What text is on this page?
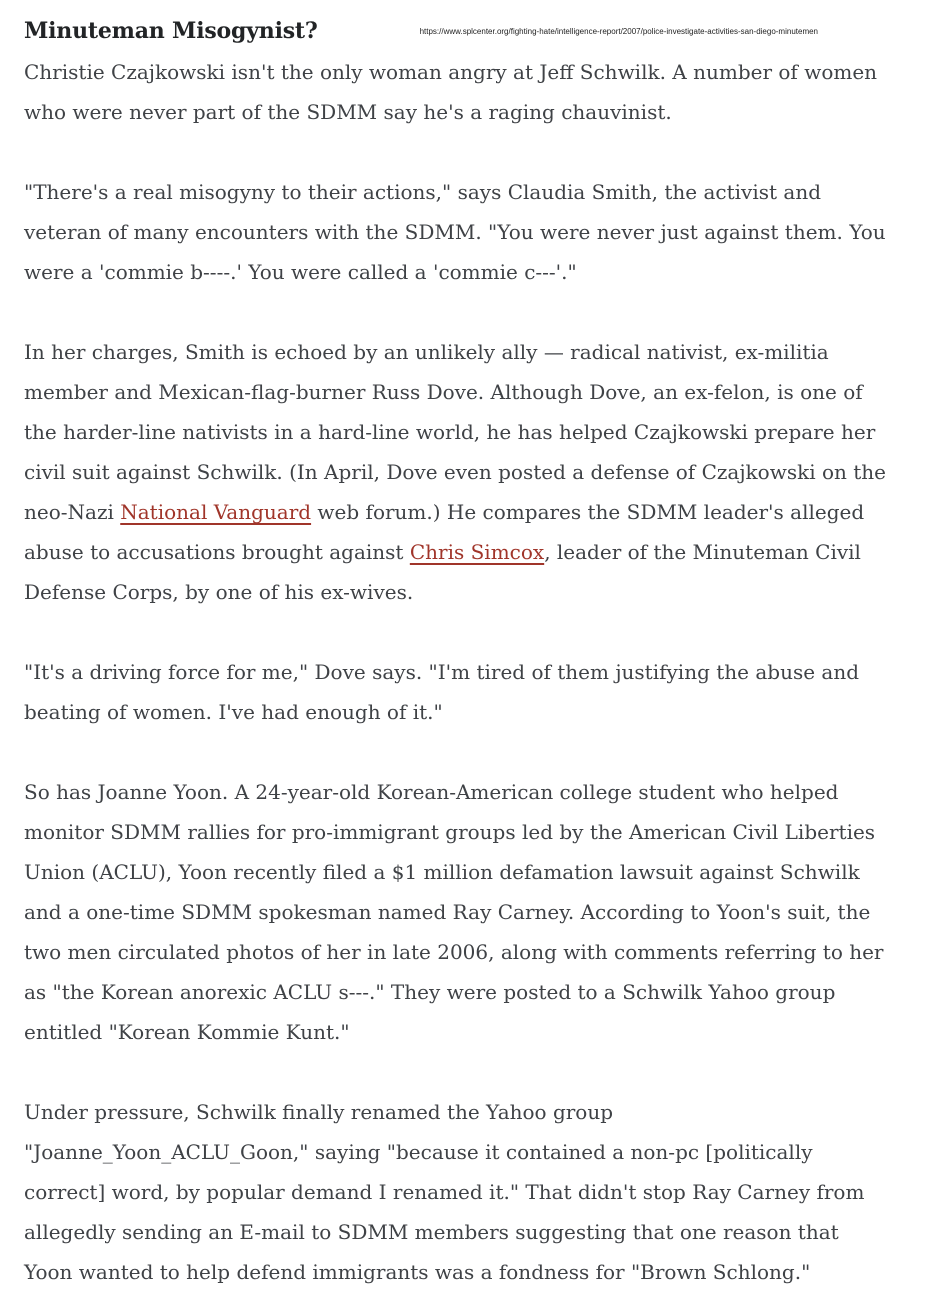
Minuteman Misogynist?	https://www.splcenter.org/fighting-hate/intelligence-report/2007/police-investigate-activities-san-diego-minutemen

Christie Czajkowski isn't the only woman angry at Jeff Schwilk. A number of women who were never part of the SDMM say he's a raging chauvinist.

"There's a real misogyny to their actions," says Claudia Smith, the activist and veteran of many encounters with the SDMM. "You were never just against them. You were a 'commie b----.' You were called a 'commie c---'."

In her charges, Smith is echoed by an unlikely ally — radical nativist, ex-militia member and Mexican-flag-burner Russ Dove. Although Dove, an ex-felon, is one of the harder-line nativists in a hard-line world, he has helped Czajkowski prepare her civil suit against Schwilk. (In April, Dove even posted a defense of Czajkowski on the neo-Nazi National Vanguard web forum.) He compares the SDMM leader's alleged abuse to accusations brought against Chris Simcox, leader of the Minuteman Civil Defense Corps, by one of his ex-wives.

"It's a driving force for me," Dove says. "I'm tired of them justifying the abuse and beating of women. I've had enough of it."

So has Joanne Yoon. A 24-year-old Korean-American college student who helped monitor SDMM rallies for pro-immigrant groups led by the American Civil Liberties Union (ACLU), Yoon recently filed a $1 million defamation lawsuit against Schwilk and a one-time SDMM spokesman named Ray Carney. According to Yoon's suit, the two men circulated photos of her in late 2006, along with comments referring to her as "the Korean anorexic ACLU s---." They were posted to a Schwilk Yahoo group entitled "Korean Kommie Kunt."

Under pressure, Schwilk finally renamed the Yahoo group "Joanne_Yoon_ACLU_Goon," saying "because it contained a non-pc [politically correct] word, by popular demand I renamed it." That didn't stop Ray Carney from allegedly sending an E-mail to SDMM members suggesting that one reason that Yoon wanted to help defend immigrants was a fondness for "Brown Schlong."
